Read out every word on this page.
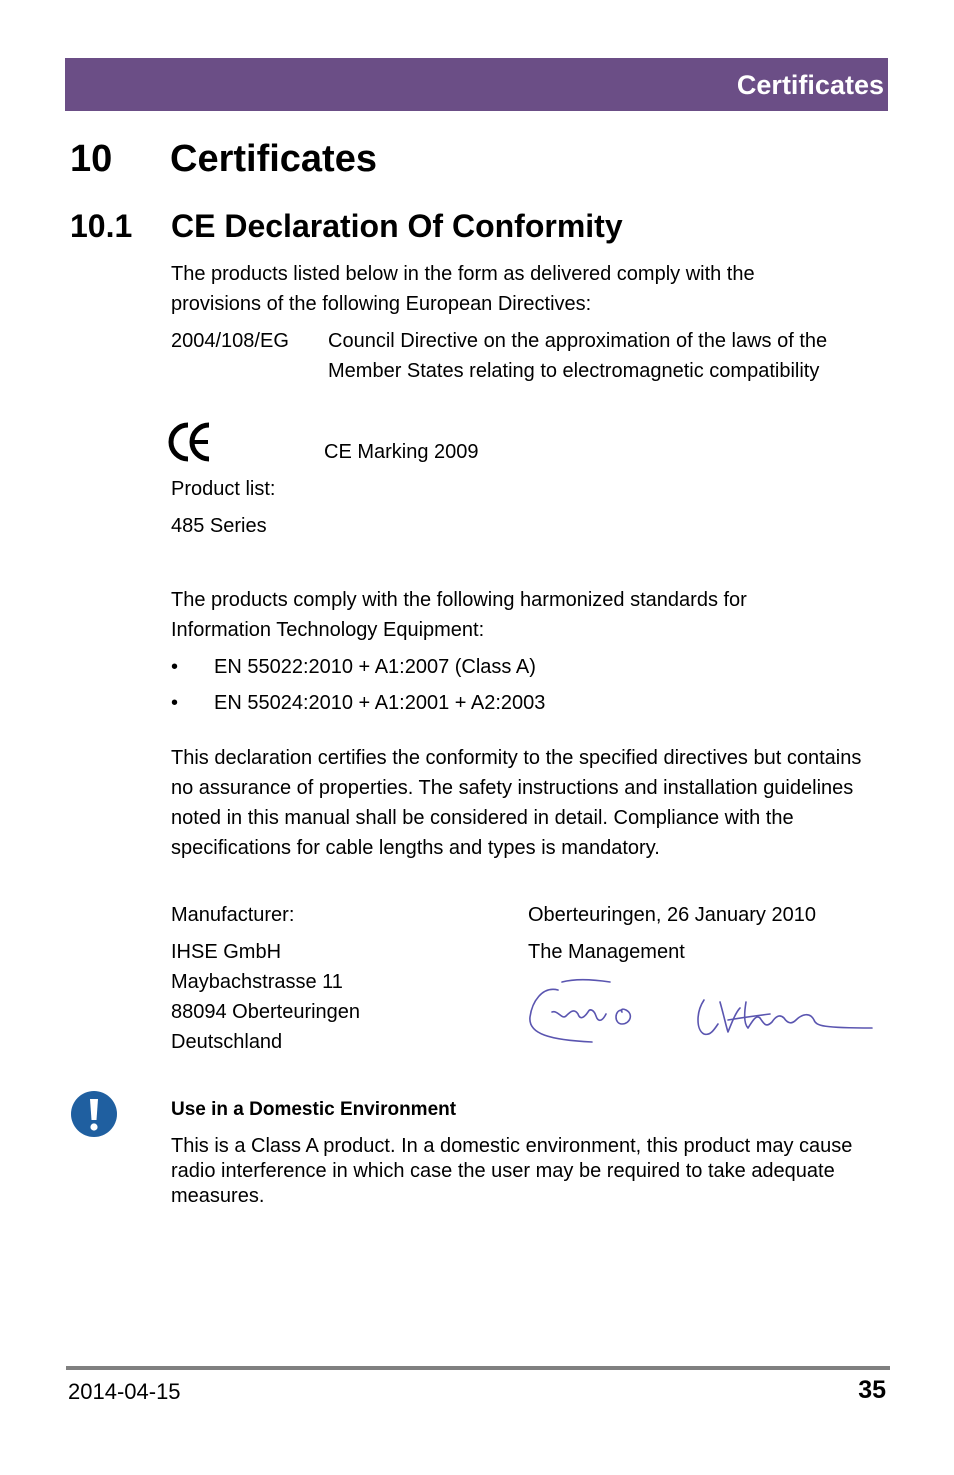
Certificates
10	Certificates
10.1	CE Declaration Of Conformity
The products listed below in the form as delivered comply with the provisions of the following European Directives:
2004/108/EG Council Directive on the approximation of the laws of the Member States relating to electromagnetic compatibility
CE Marking 2009
Product list:
485 Series
The products comply with the following harmonized standards for Information Technology Equipment:
• EN 55022:2010 + A1:2007 (Class A)
• EN 55024:2010 + A1:2001 + A2:2003
This declaration certifies the conformity to the specified directives but contains no assurance of properties. The safety instructions and installation guidelines noted in this manual shall be considered in detail. Compliance with the specifications for cable lengths and types is mandatory.
Manufacturer:
IHSE GmbH
Maybachstrasse 11
88094 Oberteuringen
Deutschland
Oberteuringen, 26 January 2010
The Management
Use in a Domestic Environment
This is a Class A product. In a domestic environment, this product may cause radio interference in which case the user may be required to take adequate measures.
2014-04-15	35
